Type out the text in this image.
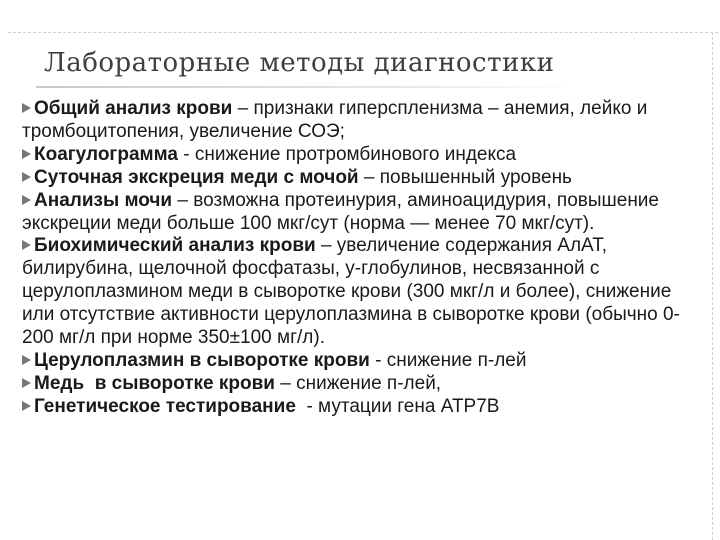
Лабораторные методы диагностики
Общий анализ крови – признаки гиперспленизма – анемия, лейко и тромбоцитопения, увеличение СОЭ;
Коагулограмма - снижение протромбинового индекса
Суточная экскреция меди с мочой – повышенный уровень
Анализы мочи – возможна протеинурия, аминоацидурия, повышение экскреции меди больше 100 мкг/сут (норма — менее 70 мкг/сут).
Биохимический анализ крови – увеличение содержания АлАТ, билирубина, щелочной фосфатазы, y-глобулинов, несвязанной с церулоплазмином меди в сыворотке крови (300 мкг/л и более), снижение или отсутствие активности церулоплазмина в сыворотке крови (обычно 0-200 мг/л при норме 350±100 мг/л).
Церулоплазмин в сыворотке крови - снижение п-лей
Медь  в сыворотке крови – снижение п-лей,
Генетическое тестирование  - мутации гена ATP7B
